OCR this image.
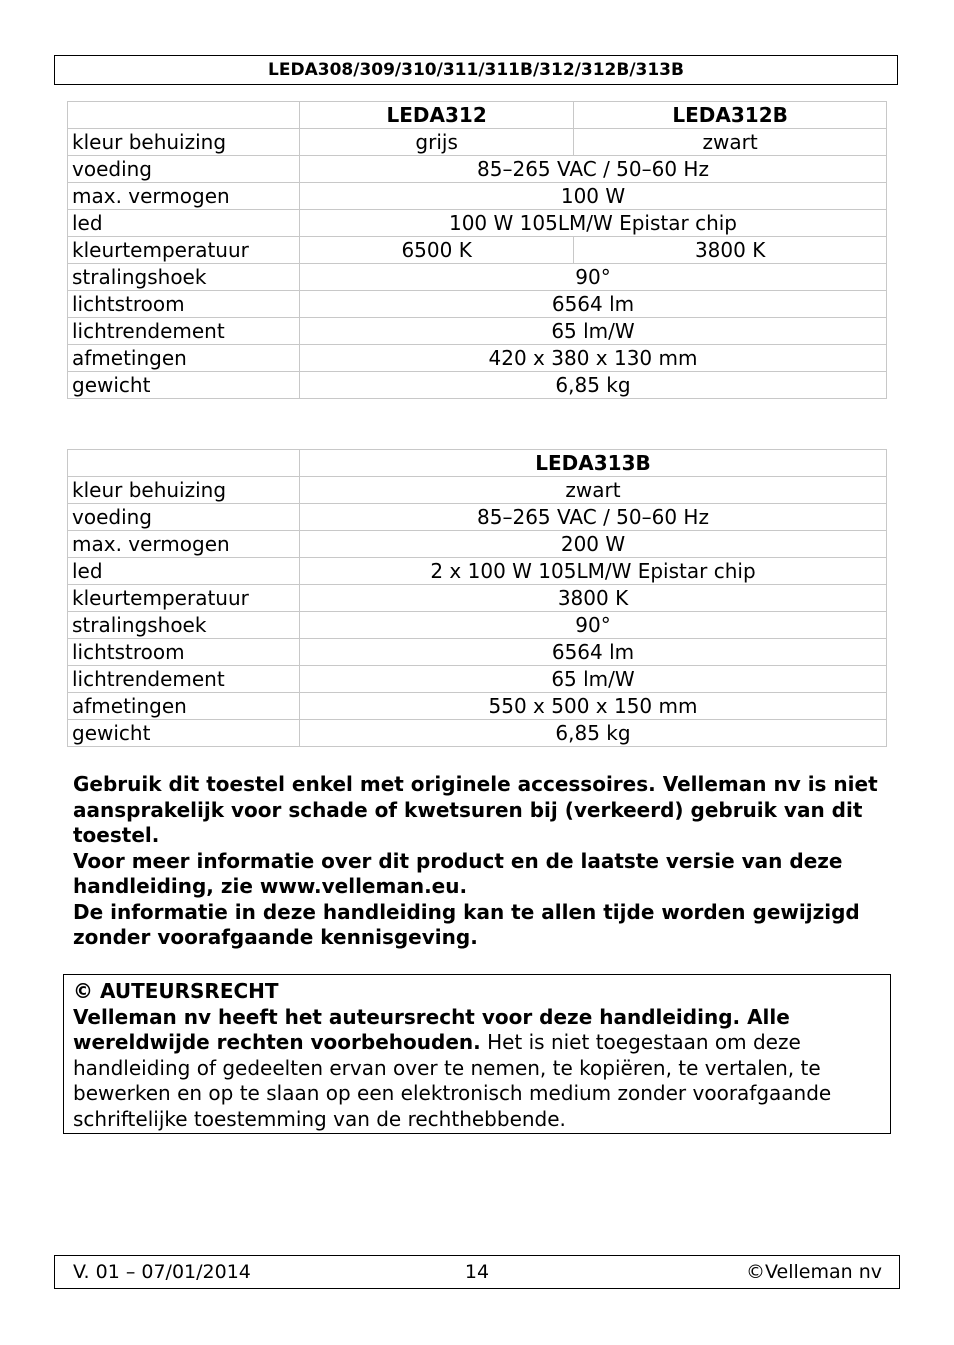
LEDA308/309/310/311/311B/312/312B/313B
	LEDA312	LEDA312B
kleur behuizing	grijs	zwart
voeding	85–265 VAC / 50–60 Hz	
max. vermogen	100 W	
led	100 W 105LM/W Epistar chip	
kleurtemperatuur	6500 K	3800 K
stralingshoek	90°	
lichtstroom	6564 lm	
lichtrendement	65 lm/W	
afmetingen	420 x 380 x 130 mm	
gewicht	6,85 kg	
	LEDA313B
kleur behuizing	zwart
voeding	85–265 VAC / 50–60 Hz
max. vermogen	200 W
led	2 x 100 W 105LM/W Epistar chip
kleurtemperatuur	3800 K
stralingshoek	90°
lichtstroom	6564 lm
lichtrendement	65 lm/W
afmetingen	550 x 500 x 150 mm
gewicht	6,85 kg

Gebruik dit toestel enkel met originele accessoires. Velleman nv is niet aansprakelijk voor schade of kwetsuren bij (verkeerd) gebruik van dit toestel.

Voor meer informatie over dit product en de laatste versie van deze handleiding, zie www.velleman.eu.

De informatie in deze handleiding kan te allen tijde worden gewijzigd zonder voorafgaande kennisgeving.

© AUTEURSRECHT
Velleman nv heeft het auteursrecht voor deze handleiding. Alle wereldwijde rechten voorbehouden. Het is niet toegestaan om deze handleiding of gedeelten ervan over te nemen, te kopiëren, te vertalen, te bewerken en op te slaan op een elektronisch medium zonder voorafgaande schriftelijke toestemming van de rechthebbende.
V. 01 – 07/01/2014	14	©Velleman nv
